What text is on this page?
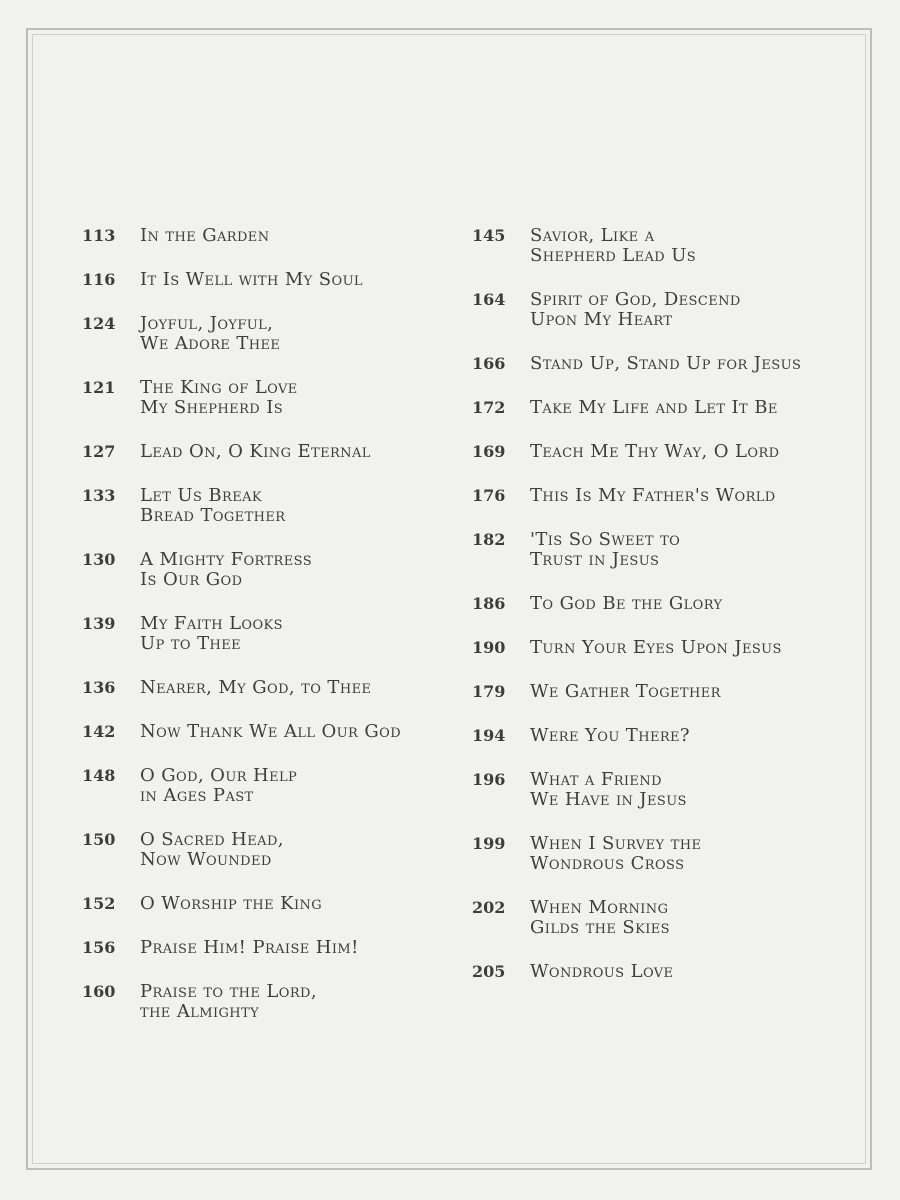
113	In the Garden
116	It Is Well with My Soul
124	Joyful, Joyful,
We Adore Thee
121	The King of Love
My Shepherd Is
127	Lead On, O King Eternal
133	Let Us Break
Bread Together
130	A Mighty Fortress
Is Our God
139	My Faith Looks
Up to Thee
136	Nearer, My God, to Thee
142	Now Thank We All Our God
148	O God, Our Help
in Ages Past
150	O Sacred Head,
Now Wounded
152	O Worship the King
156	Praise Him! Praise Him!
160	Praise to the Lord,
the Almighty
145	Savior, Like a
Shepherd Lead Us
164	Spirit of God, Descend
Upon My Heart
166	Stand Up, Stand Up for Jesus
172	Take My Life and Let It Be
169	Teach Me Thy Way, O Lord
176	This Is My Father's World
182	'Tis So Sweet to
Trust in Jesus
186	To God Be the Glory
190	Turn Your Eyes Upon Jesus
179	We Gather Together
194	Were You There?
196	What a Friend
We Have in Jesus
199	When I Survey the
Wondrous Cross
202	When Morning
Gilds the Skies
205	Wondrous Love
